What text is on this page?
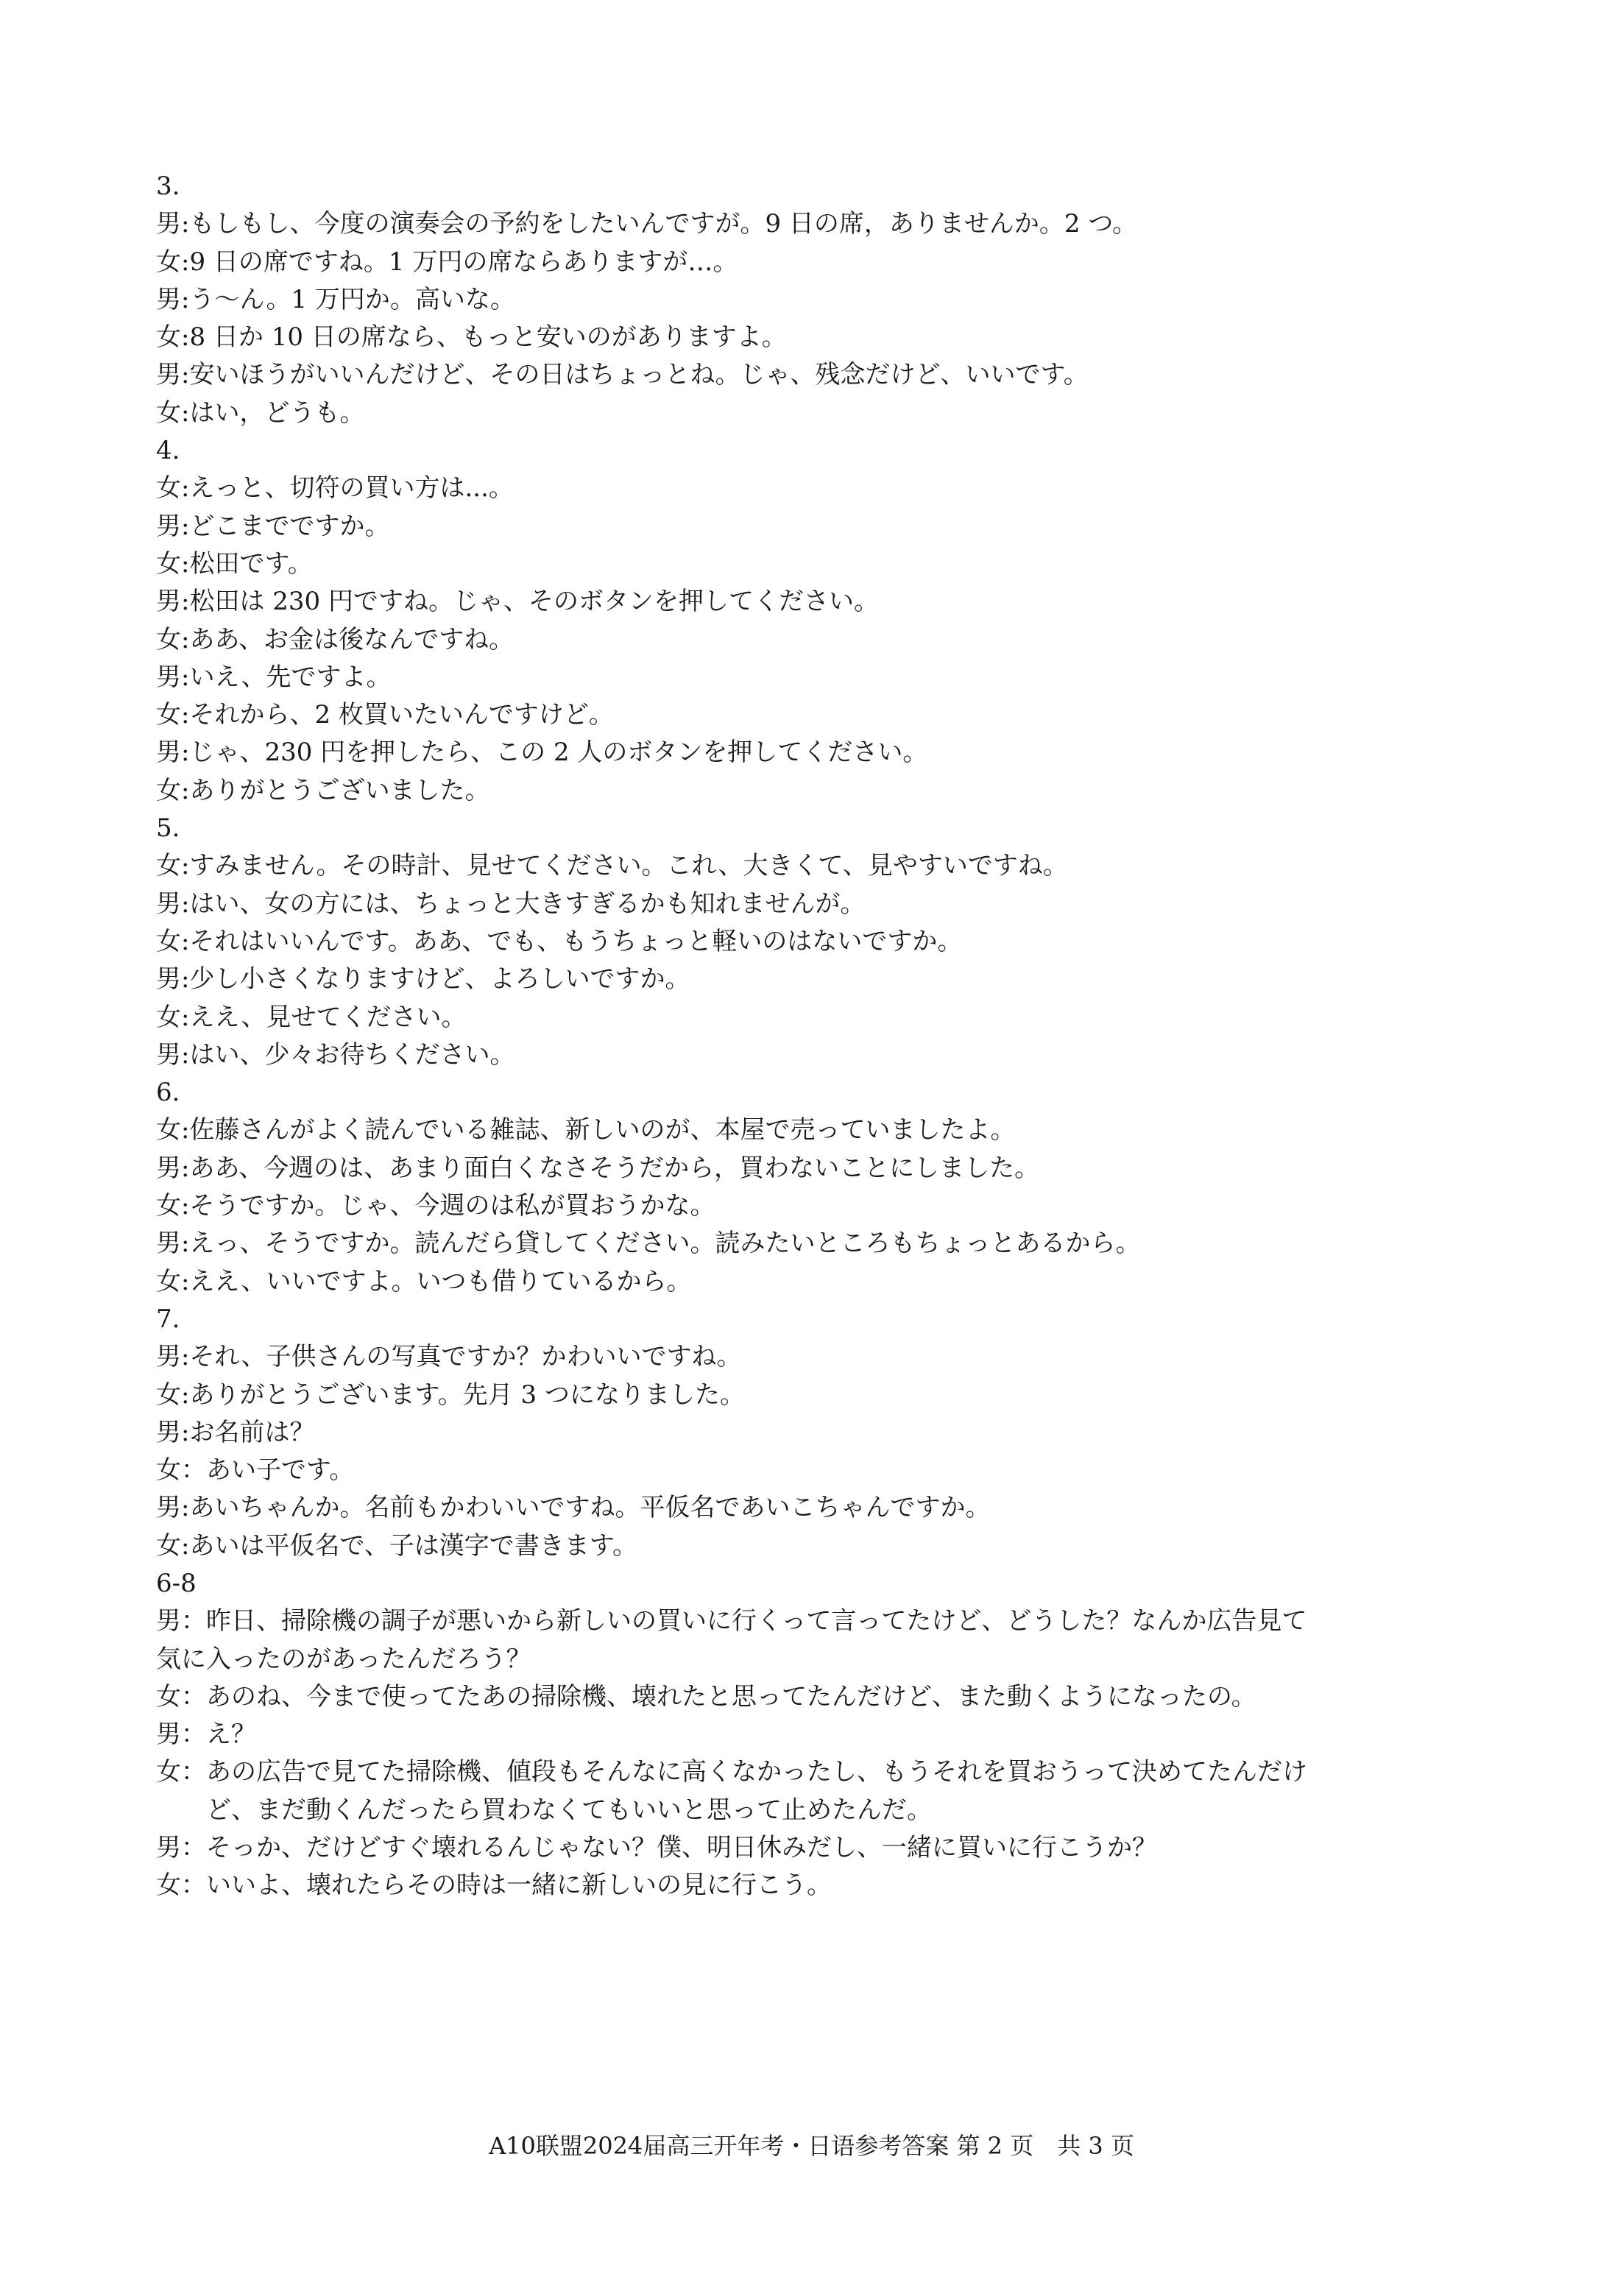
3.
男:もしもし、今度の演奏会の予約をしたいんですが。9 日の席，ありませんか。2 つ。
女:9 日の席ですね。1 万円の席ならありますが…。
男:う～ん。1 万円か。高いな。
女:8 日か 10 日の席なら、もっと安いのがありますよ。
男:安いほうがいいんだけど、その日はちょっとね。じゃ、残念だけど、いいです。
女:はい，どうも。
4.
女:えっと、切符の買い方は...。
男:どこまでですか。
女:松田です。
男:松田は 230 円ですね。じゃ、そのボタンを押してください。
女:ああ、お金は後なんですね。
男:いえ、先ですよ。
女:それから、2 枚買いたいんですけど。
男:じゃ、230 円を押したら、この 2 人のボタンを押してください。
女:ありがとうございました。
5.
女:すみません。その時計、見せてください。これ、大きくて、見やすいですね。
男:はい、女の方には、ちょっと大きすぎるかも知れませんが。
女:それはいいんです。ああ、でも、もうちょっと軽いのはないですか。
男:少し小さくなりますけど、よろしいですか。
女:ええ、見せてください。
男:はい、少々お待ちください。
6.
女:佐藤さんがよく読んでいる雑誌、新しいのが、本屋で売っていましたよ。
男:ああ、今週のは、あまり面白くなさそうだから，買わないことにしました。
女:そうですか。じゃ、今週のは私が買おうかな。
男:えっ、そうですか。読んだら貸してください。読みたいところもちょっとあるから。
女:ええ、いいですよ。いつも借りているから。
7.
男:それ、子供さんの写真ですか？かわいいですね。
女:ありがとうございます。先月 3 つになりました。
男:お名前は？
女：あい子です。
男:あいちゃんか。名前もかわいいですね。平仮名であいこちゃんですか。
女:あいは平仮名で、子は漢字で書きます。
6-8
男：昨日、掃除機の調子が悪いから新しいの買いに行くって言ってたけど、どうした？なんか広告見て
気に入ったのがあったんだろう？
女：あのね、今まで使ってたあの掃除機、壊れたと思ってたんだけど、また動くようになったの。
男：え？
女：あの広告で見てた掃除機、値段もそんなに高くなかったし、もうそれを買おうって決めてたんだけ
ど、まだ動くんだったら買わなくてもいいと思って止めたんだ。
男：そっか、だけどすぐ壊れるんじゃない？僕、明日休みだし、一緒に買いに行こうか？
女：いいよ、壊れたらその時は一緒に新しいの見に行こう。
A10联盟2024届高三开年考・日语参考答案 第 2 页　共 3 页
